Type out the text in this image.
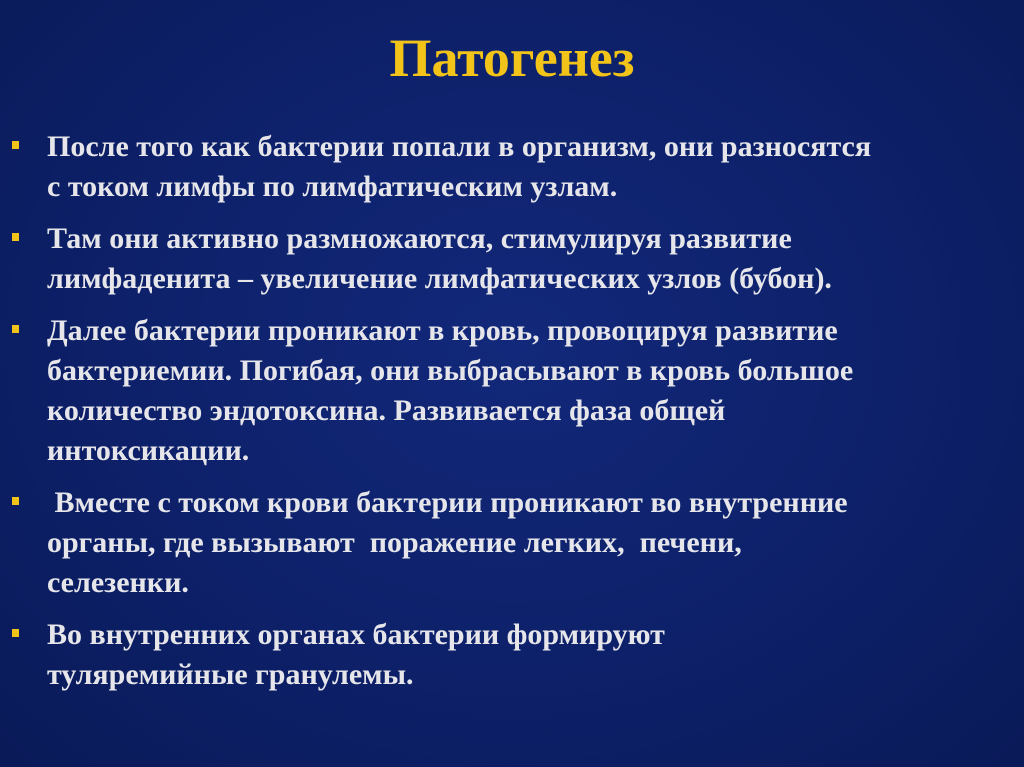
Патогенез
После того как бактерии попали в организм, они разносятся
с током лимфы по лимфатическим узлам.
Там они активно размножаются, стимулируя развитие
лимфаденита – увеличение лимфатических узлов (бубон).
Далее бактерии проникают в кровь, провоцируя развитие
бактериемии. Погибая, они выбрасывают в кровь большое
количество эндотоксина. Развивается фаза общей
интоксикации.
Вместе с током крови бактерии проникают во внутренние
органы, где вызывают  поражение легких,  печени,
селезенки.
Во внутренних органах бактерии формируют
туляремийные гранулемы.
